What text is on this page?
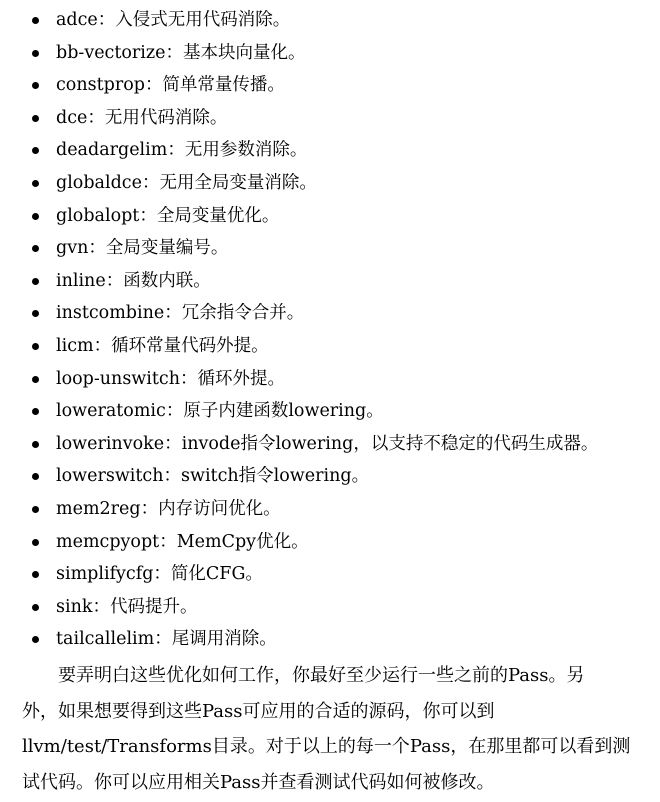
adce：入侵式无用代码消除。
bb-vectorize：基本块向量化。
constprop：简单常量传播。
dce：无用代码消除。
deadargelim：无用参数消除。
globaldce：无用全局变量消除。
globalopt：全局变量优化。
gvn：全局变量编号。
inline：函数内联。
instcombine：冗余指令合并。
licm：循环常量代码外提。
loop-unswitch：循环外提。
loweratomic：原子内建函数lowering。
lowerinvoke：invode指令lowering，以支持不稳定的代码生成器。
lowerswitch：switch指令lowering。
mem2reg：内存访问优化。
memcpyopt：MemCpy优化。
simplifycfg：简化CFG。
sink：代码提升。
tailcallelim：尾调用消除。

要弄明白这些优化如何工作，你最好至少运行一些之前的Pass。另
外，如果想要得到这些Pass可应用的合适的源码，你可以到
llvm/test/Transforms目录。对于以上的每一个Pass，在那里都可以看到测
试代码。你可以应用相关Pass并查看测试代码如何被修改。
